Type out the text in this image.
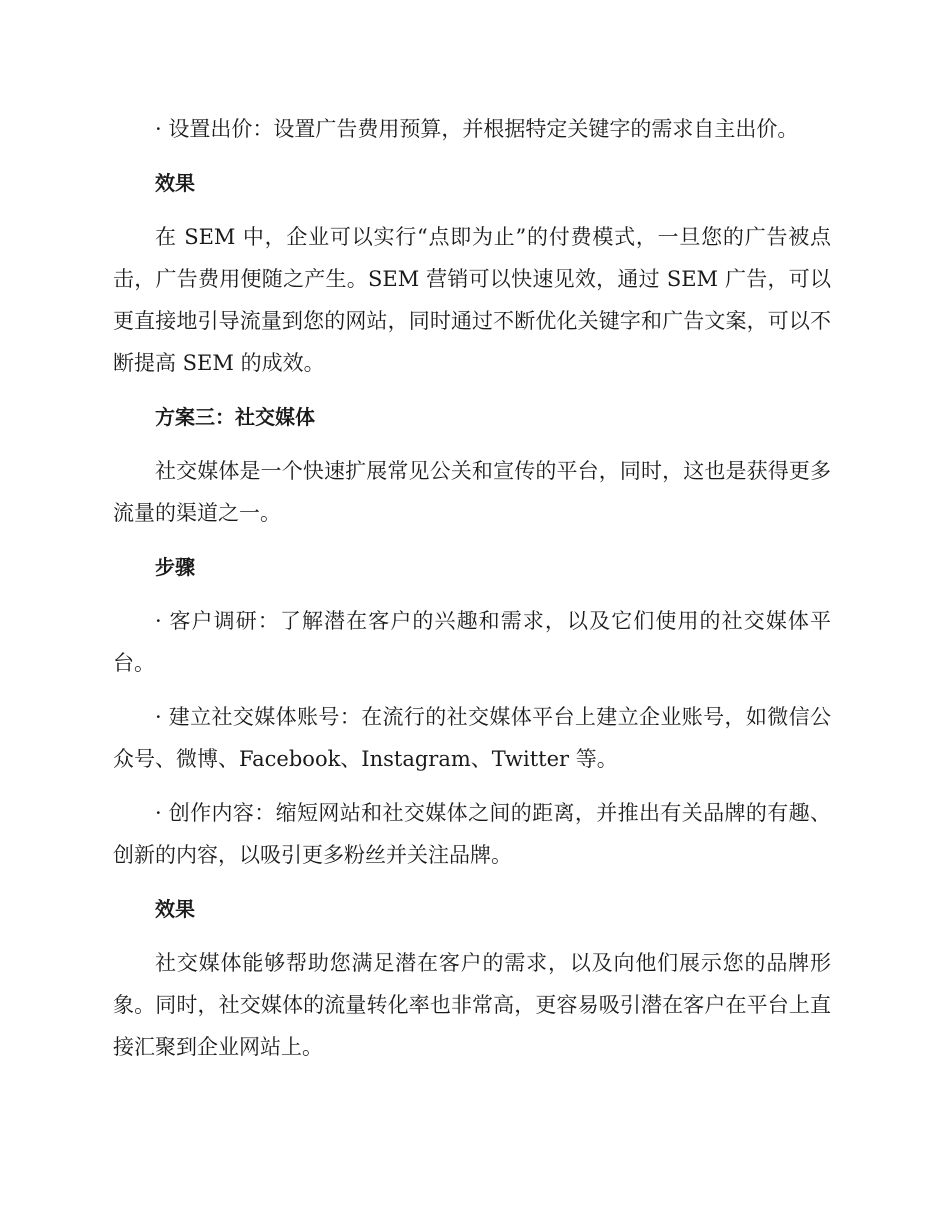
· 设置出价：设置广告费用预算，并根据特定关键字的需求自主出价。

效果

在 SEM 中，企业可以实行“点即为止”的付费模式，一旦您的广告被点击，广告费用便随之产生。SEM 营销可以快速见效，通过 SEM 广告，可以更直接地引导流量到您的网站，同时通过不断优化关键字和广告文案，可以不断提高 SEM 的成效。

方案三：社交媒体

社交媒体是一个快速扩展常见公关和宣传的平台，同时，这也是获得更多流量的渠道之一。

步骤

· 客户调研：了解潜在客户的兴趣和需求，以及它们使用的社交媒体平台。

· 建立社交媒体账号：在流行的社交媒体平台上建立企业账号，如微信公众号、微博、Facebook、Instagram、Twitter 等。

· 创作内容：缩短网站和社交媒体之间的距离，并推出有关品牌的有趣、创新的内容，以吸引更多粉丝并关注品牌。

效果

社交媒体能够帮助您满足潜在客户的需求，以及向他们展示您的品牌形象。同时，社交媒体的流量转化率也非常高，更容易吸引潜在客户在平台上直接汇聚到企业网站上。
